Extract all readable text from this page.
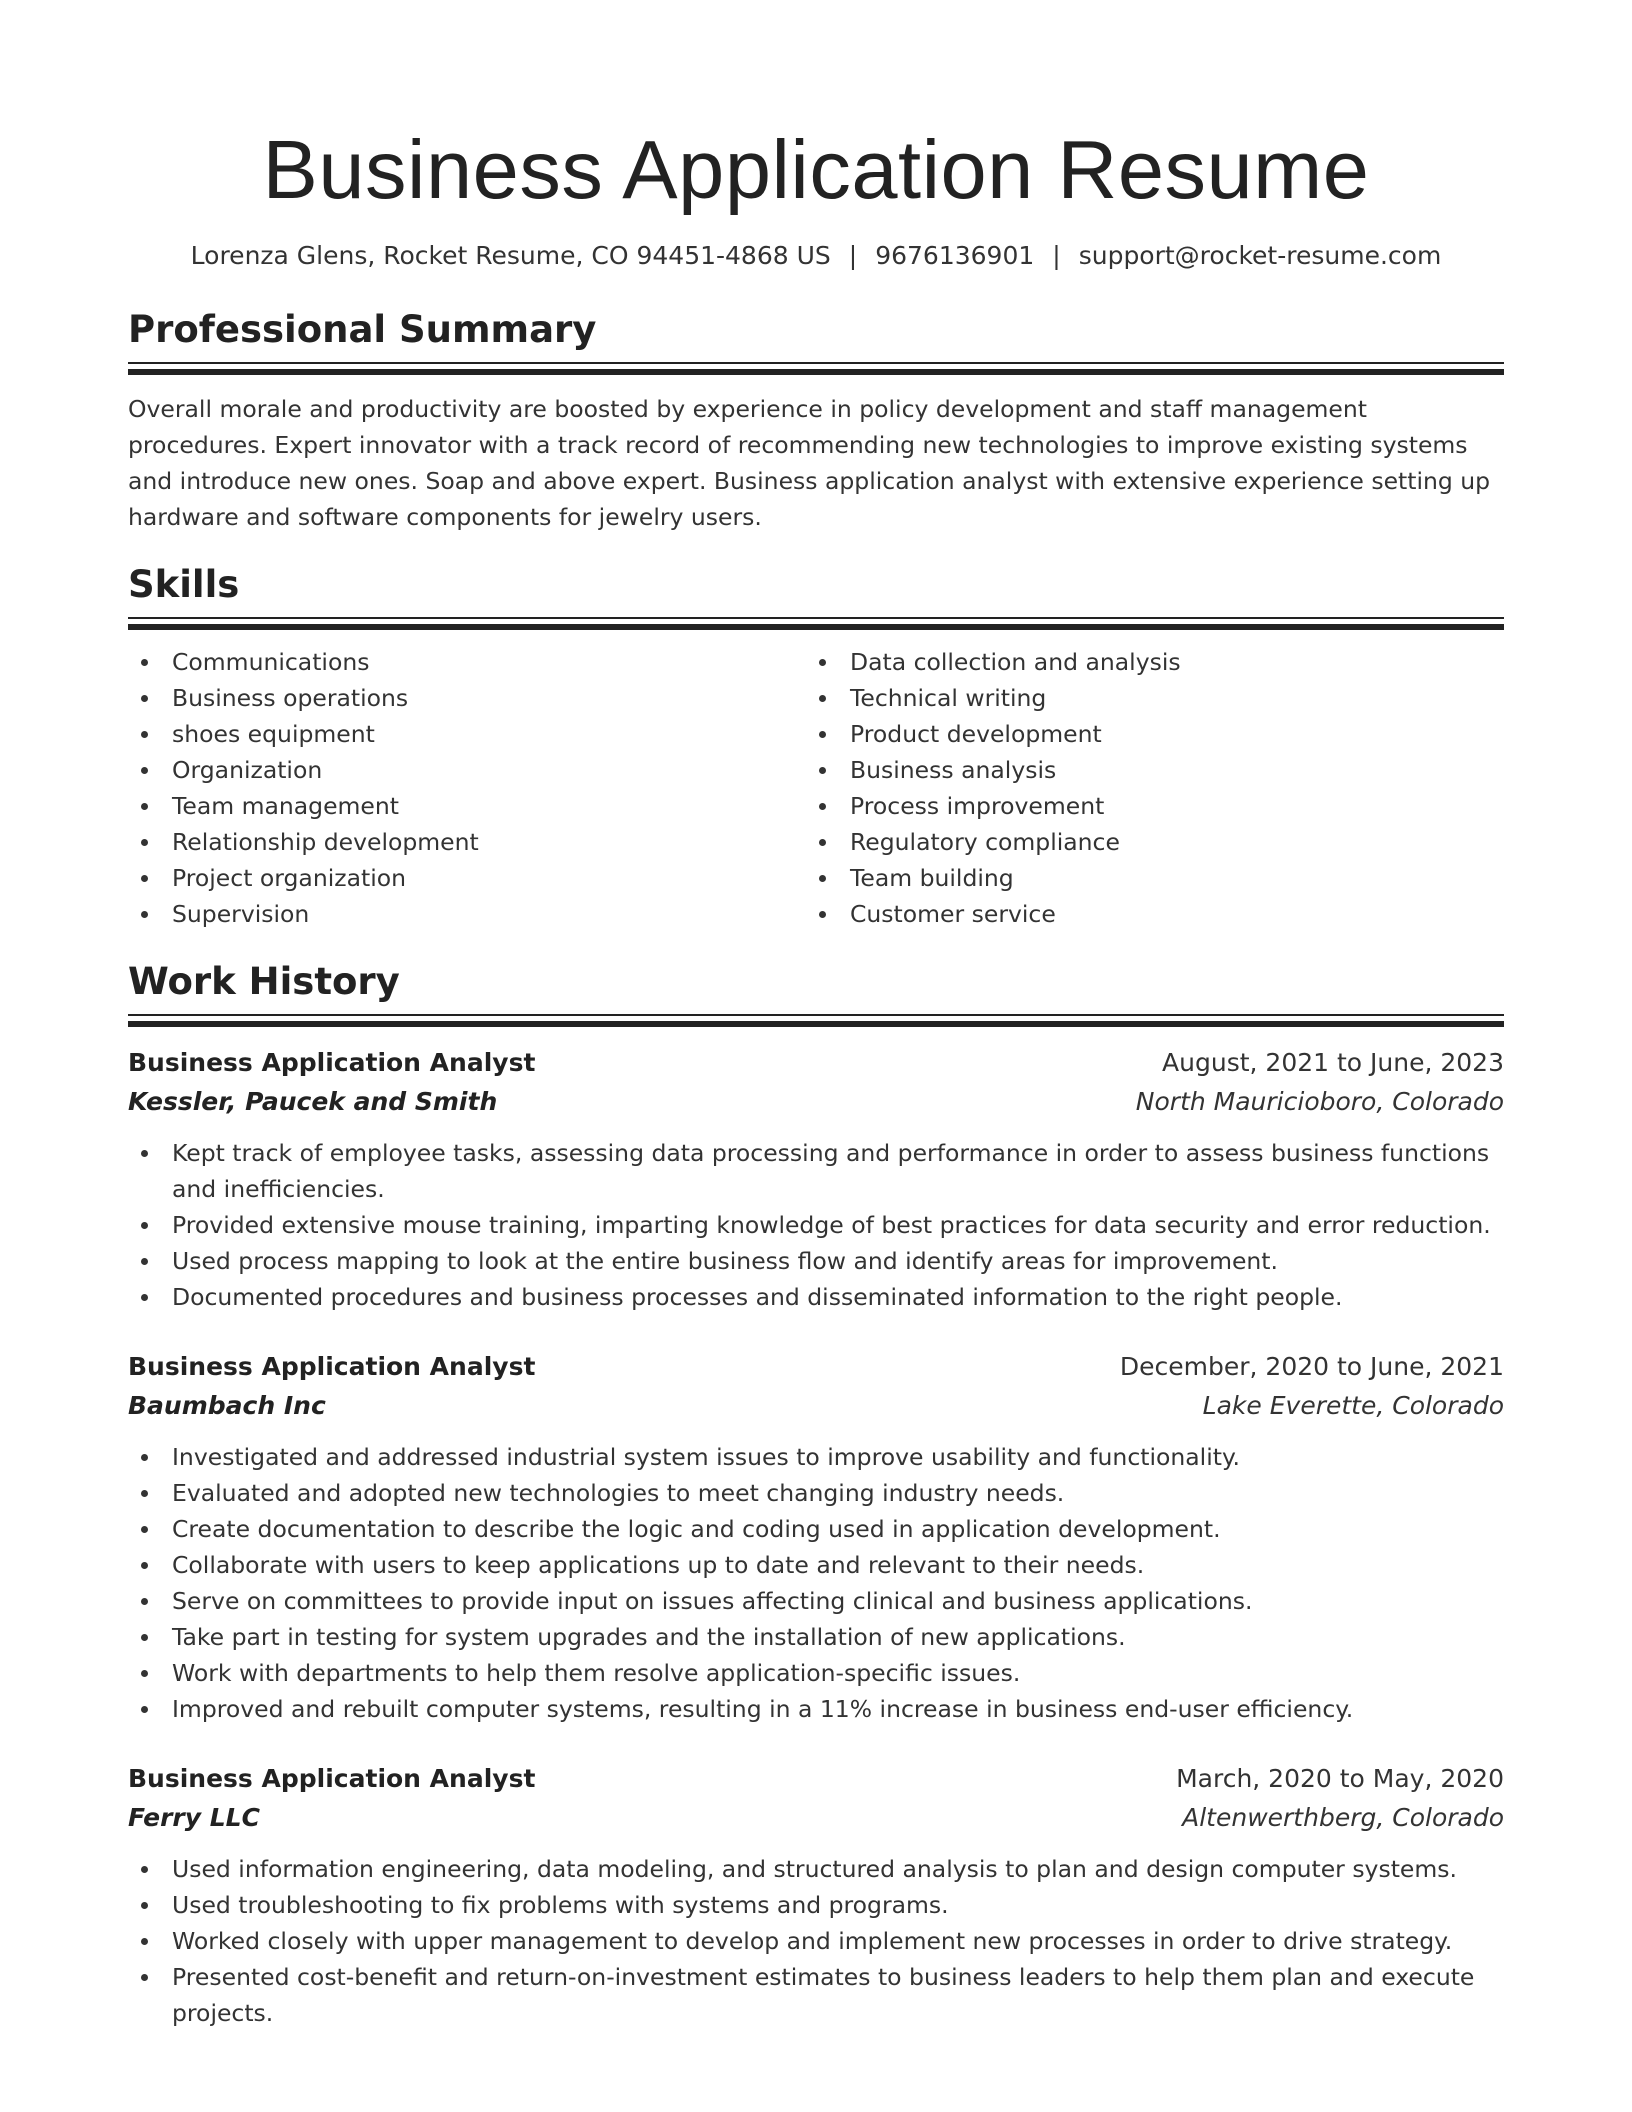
Business Application Resume
Lorenza Glens, Rocket Resume, CO 94451-4868 US | 9676136901 | support@rocket-resume.com
Professional Summary

Overall morale and productivity are boosted by experience in policy development and staff management procedures. Expert innovator with a track record of recommending new technologies to improve existing systems and introduce new ones. Soap and above expert. Business application analyst with extensive experience setting up hardware and software components for jewelry users.

Skills
Communications
Business operations
shoes equipment
Organization
Team management
Relationship development
Project organization
Supervision
Data collection and analysis
Technical writing
Product development
Business analysis
Process improvement
Regulatory compliance
Team building
Customer service
Work History
Business Application Analyst	August, 2021 to June, 2023
Kessler, Paucek and Smith	North Mauricioboro, Colorado
Kept track of employee tasks, assessing data processing and performance in order to assess business functions and inefficiencies.
Provided extensive mouse training, imparting knowledge of best practices for data security and error reduction.
Used process mapping to look at the entire business flow and identify areas for improvement.
Documented procedures and business processes and disseminated information to the right people.
Business Application Analyst	December, 2020 to June, 2021
Baumbach Inc	Lake Everette, Colorado
Investigated and addressed industrial system issues to improve usability and functionality.
Evaluated and adopted new technologies to meet changing industry needs.
Create documentation to describe the logic and coding used in application development.
Collaborate with users to keep applications up to date and relevant to their needs.
Serve on committees to provide input on issues affecting clinical and business applications.
Take part in testing for system upgrades and the installation of new applications.
Work with departments to help them resolve application-specific issues.
Improved and rebuilt computer systems, resulting in a 11% increase in business end-user efficiency.
Business Application Analyst	March, 2020 to May, 2020
Ferry LLC	Altenwerthberg, Colorado
Used information engineering, data modeling, and structured analysis to plan and design computer systems.
Used troubleshooting to fix problems with systems and programs.
Worked closely with upper management to develop and implement new processes in order to drive strategy.
Presented cost-benefit and return-on-investment estimates to business leaders to help them plan and execute projects.
